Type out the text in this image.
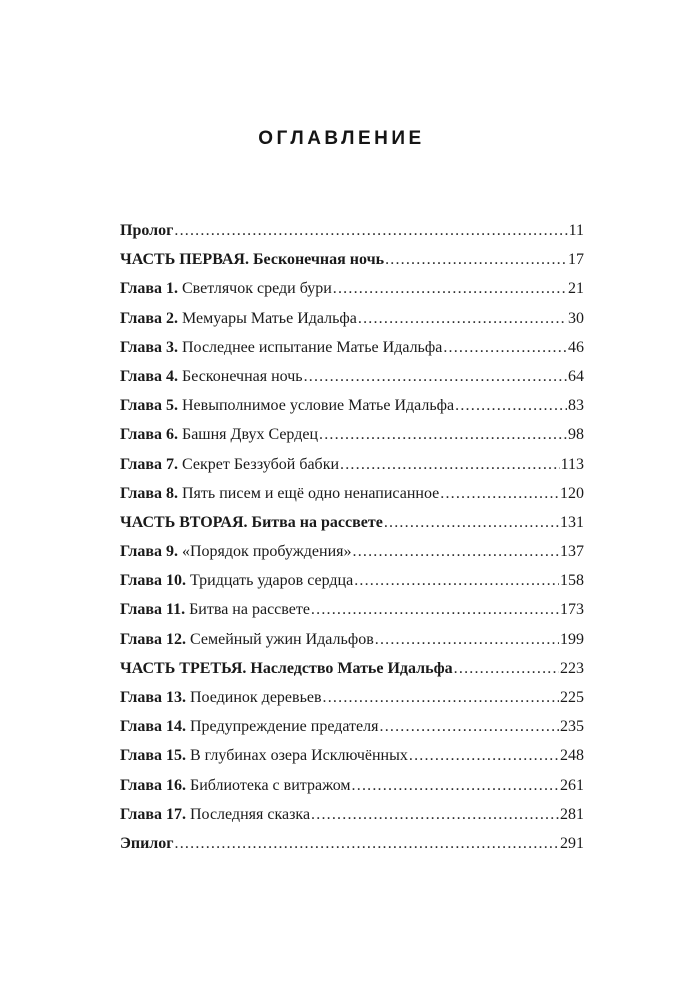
ОГЛАВЛЕНИЕ
Пролог .....	11
ЧАСТЬ ПЕРВАЯ. Бесконечная ночь .....	17
Глава 1. Светлячок среди бури .....	21
Глава 2. Мемуары Матье Идальфа .....	30
Глава 3. Последнее испытание Матье Идальфа .....	46
Глава 4. Бесконечная ночь .....	64
Глава 5. Невыполнимое условие Матье Идальфа .....	83
Глава 6. Башня Двух Сердец .....	98
Глава 7. Секрет Беззубой бабки .....	113
Глава 8. Пять писем и ещё одно ненаписанное .....	120
ЧАСТЬ ВТОРАЯ. Битва на рассвете .....	131
Глава 9. «Порядок пробуждения» .....	137
Глава 10. Тридцать ударов сердца .....	158
Глава 11. Битва на рассвете .....	173
Глава 12. Семейный ужин Идальфов .....	199
ЧАСТЬ ТРЕТЬЯ. Наследство Матье Идальфа .....	223
Глава 13. Поединок деревьев .....	225
Глава 14. Предупреждение предателя .....	235
Глава 15. В глубинах озера Исключённых .....	248
Глава 16. Библиотека с витражом .....	261
Глава 17. Последняя сказка .....	281
Эпилог .....	291
